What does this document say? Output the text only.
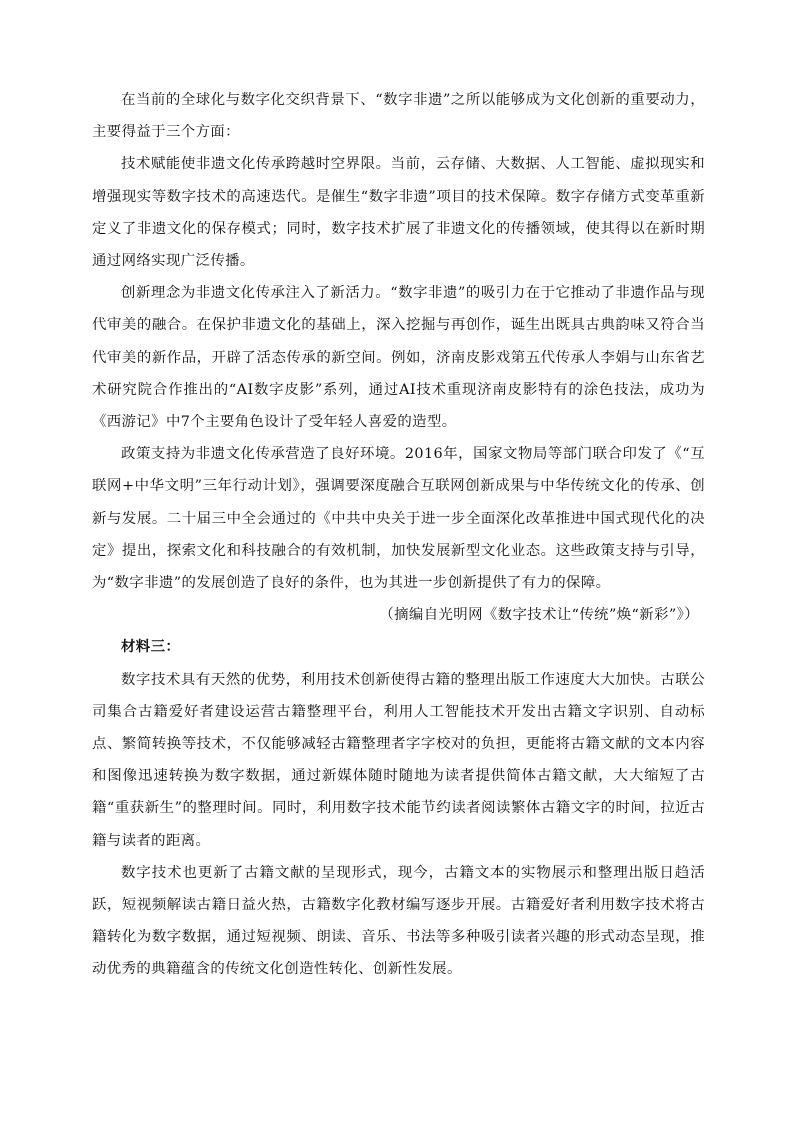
在当前的全球化与数字化交织背景下、“数字非遗”之所以能够成为文化创新的重要动力，主要得益于三个方面：

技术赋能使非遗文化传承跨越时空界限。当前，云存储、大数据、人工智能、虚拟现实和增强现实等数字技术的高速迭代。是催生“数字非遗”项目的技术保障。数字存储方式变革重新定义了非遗文化的保存模式；同时，数字技术扩展了非遗文化的传播领域，使其得以在新时期通过网络实现广泛传播。

创新理念为非遗文化传承注入了新活力。“数字非遗”的吸引力在于它推动了非遗作品与现代审美的融合。在保护非遗文化的基础上，深入挖掘与再创作，诞生出既具古典韵味又符合当代审美的新作品，开辟了活态传承的新空间。例如，济南皮影戏第五代传承人李娟与山东省艺术研究院合作推出的“AI数字皮影”系列，通过AI技术重现济南皮影特有的涂色技法，成功为《西游记》中7个主要角色设计了受年轻人喜爱的造型。

政策支持为非遗文化传承营造了良好环境。2016年，国家文物局等部门联合印发了《“互联网+中华文明”三年行动计划》，强调要深度融合互联网创新成果与中华传统文化的传承、创新与发展。二十届三中全会通过的《中共中央关于进一步全面深化改革推进中国式现代化的决定》提出，探索文化和科技融合的有效机制，加快发展新型文化业态。这些政策支持与引导，为“数字非遗”的发展创造了良好的条件，也为其进一步创新提供了有力的保障。

（摘编自光明网《数字技术让“传统”焕“新彩”》）

材料三：

数字技术具有天然的优势，利用技术创新使得古籍的整理出版工作速度大大加快。古联公司集合古籍爱好者建设运营古籍整理平台，利用人工智能技术开发出古籍文字识别、自动标点、繁简转换等技术，不仅能够减轻古籍整理者字字校对的负担，更能将古籍文献的文本内容和图像迅速转换为数字数据，通过新媒体随时随地为读者提供简体古籍文献，大大缩短了古籍“重获新生”的整理时间。同时，利用数字技术能节约读者阅读繁体古籍文字的时间，拉近古籍与读者的距离。

数字技术也更新了古籍文献的呈现形式，现今，古籍文本的实物展示和整理出版日趋活跃，短视频解读古籍日益火热，古籍数字化教材编写逐步开展。古籍爱好者利用数字技术将古籍转化为数字数据，通过短视频、朗读、音乐、书法等多种吸引读者兴趣的形式动态呈现，推动优秀的典籍蕴含的传统文化创造性转化、创新性发展。
